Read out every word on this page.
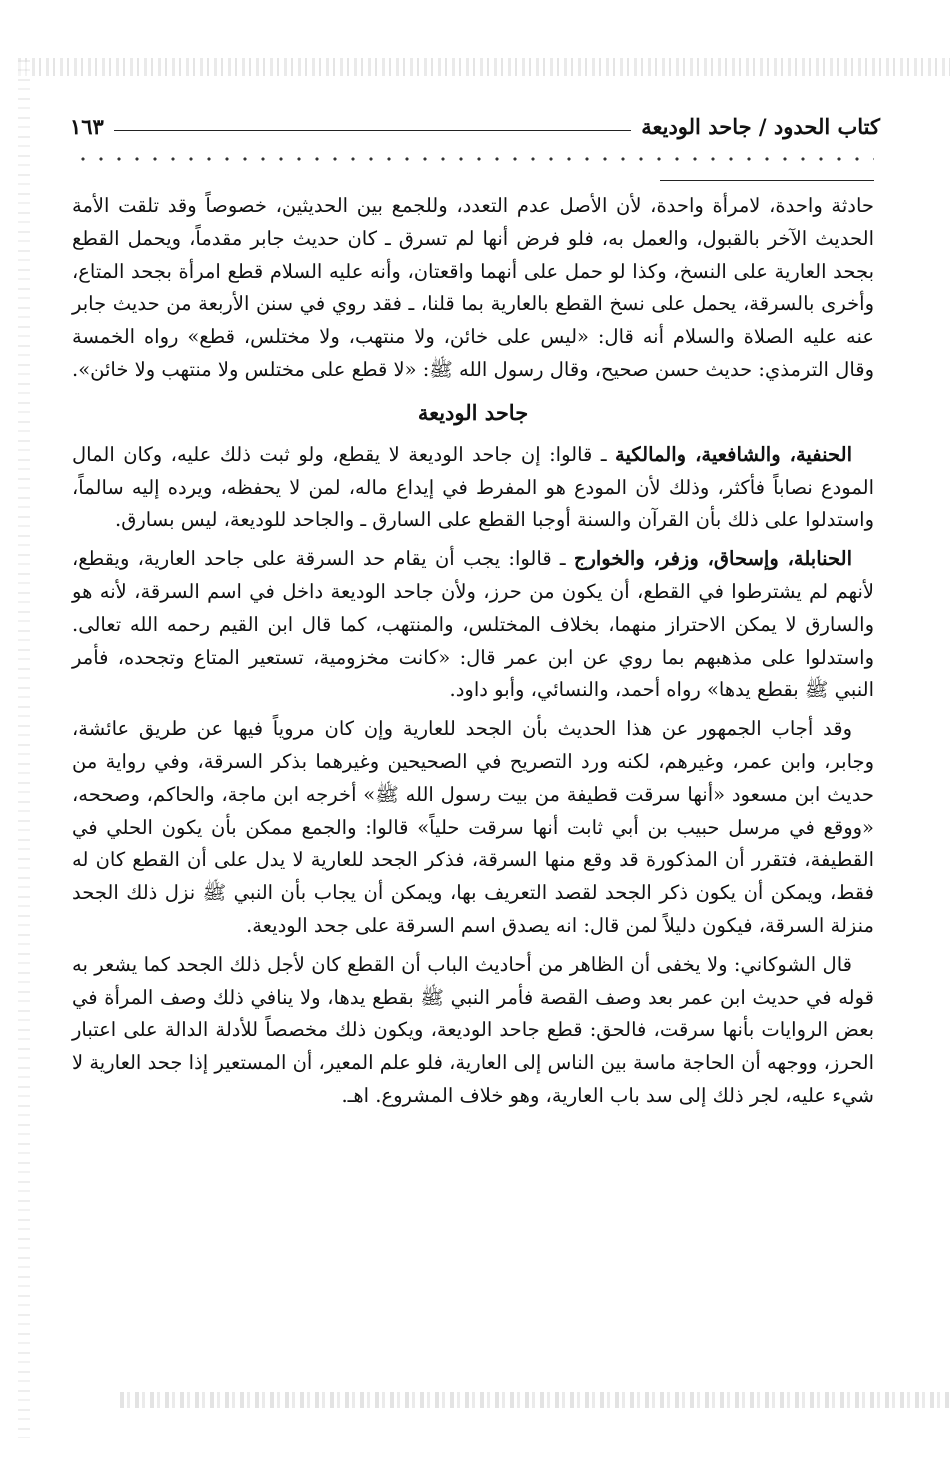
كتاب الحدود / جاحد الوديعة
١٦٣

حادثة واحدة، لامرأة واحدة، لأن الأصل عدم التعدد، وللجمع بين الحديثين، خصوصاً وقد تلقت الأمة الحديث الآخر بالقبول، والعمل به، فلو فرض أنها لم تسرق ـ كان حديث جابر مقدماً، ويحمل القطع بجحد العارية على النسخ، وكذا لو حمل على أنهما واقعتان، وأنه عليه السلام قطع امرأة بجحد المتاع، وأخرى بالسرقة، يحمل على نسخ القطع بالعارية بما قلنا، ـ فقد روي في سنن الأربعة من حديث جابر عنه عليه الصلاة والسلام أنه قال: «ليس على خائن، ولا منتهب، ولا مختلس، قطع» رواه الخمسة وقال الترمذي: حديث حسن صحيح، وقال رسول الله ﷺ: «لا قطع على مختلس ولا منتهب ولا خائن».

جاحد الوديعة

الحنفية، والشافعية، والمالكية ـ قالوا: إن جاحد الوديعة لا يقطع، ولو ثبت ذلك عليه، وكان المال المودع نصاباً فأكثر، وذلك لأن المودع هو المفرط في إيداع ماله، لمن لا يحفظه، ويرده إليه سالماً، واستدلوا على ذلك بأن القرآن والسنة أوجبا القطع على السارق ـ والجاحد للوديعة، ليس بسارق.

الحنابلة، وإسحاق، وزفر، والخوارج ـ قالوا: يجب أن يقام حد السرقة على جاحد العارية، ويقطع، لأنهم لم يشترطوا في القطع، أن يكون من حرز، ولأن جاحد الوديعة داخل في اسم السرقة، لأنه هو والسارق لا يمكن الاحتراز منهما، بخلاف المختلس، والمنتهب، كما قال ابن القيم رحمه الله تعالى. واستدلوا على مذهبهم بما روي عن ابن عمر قال: «كانت مخزومية، تستعير المتاع وتجحده، فأمر النبي ﷺ بقطع يدها» رواه أحمد، والنسائي، وأبو داود.

وقد أجاب الجمهور عن هذا الحديث بأن الجحد للعارية وإن كان مروياً فيها عن طريق عائشة، وجابر، وابن عمر، وغيرهم، لكنه ورد التصريح في الصحيحين وغيرهما بذكر السرقة، وفي رواية من حديث ابن مسعود «أنها سرقت قطيفة من بيت رسول الله ﷺ» أخرجه ابن ماجة، والحاكم، وصححه، «ووقع في مرسل حبيب بن أبي ثابت أنها سرقت حلياً» قالوا: والجمع ممكن بأن يكون الحلي في القطيفة، فتقرر أن المذكورة قد وقع منها السرقة، فذكر الجحد للعارية لا يدل على أن القطع كان له فقط، ويمكن أن يكون ذكر الجحد لقصد التعريف بها، ويمكن أن يجاب بأن النبي ﷺ نزل ذلك الجحد منزلة السرقة، فيكون دليلاً لمن قال: انه يصدق اسم السرقة على جحد الوديعة.

قال الشوكاني: ولا يخفى أن الظاهر من أحاديث الباب أن القطع كان لأجل ذلك الجحد كما يشعر به قوله في حديث ابن عمر بعد وصف القصة فأمر النبي ﷺ بقطع يدها، ولا ينافي ذلك وصف المرأة في بعض الروايات بأنها سرقت، فالحق: قطع جاحد الوديعة، ويكون ذلك مخصصاً للأدلة الدالة على اعتبار الحرز، ووجهه أن الحاجة ماسة بين الناس إلى العارية، فلو علم المعير، أن المستعير إذا جحد العارية لا شيء عليه، لجر ذلك إلى سد باب العارية، وهو خلاف المشروع. اهـ.
